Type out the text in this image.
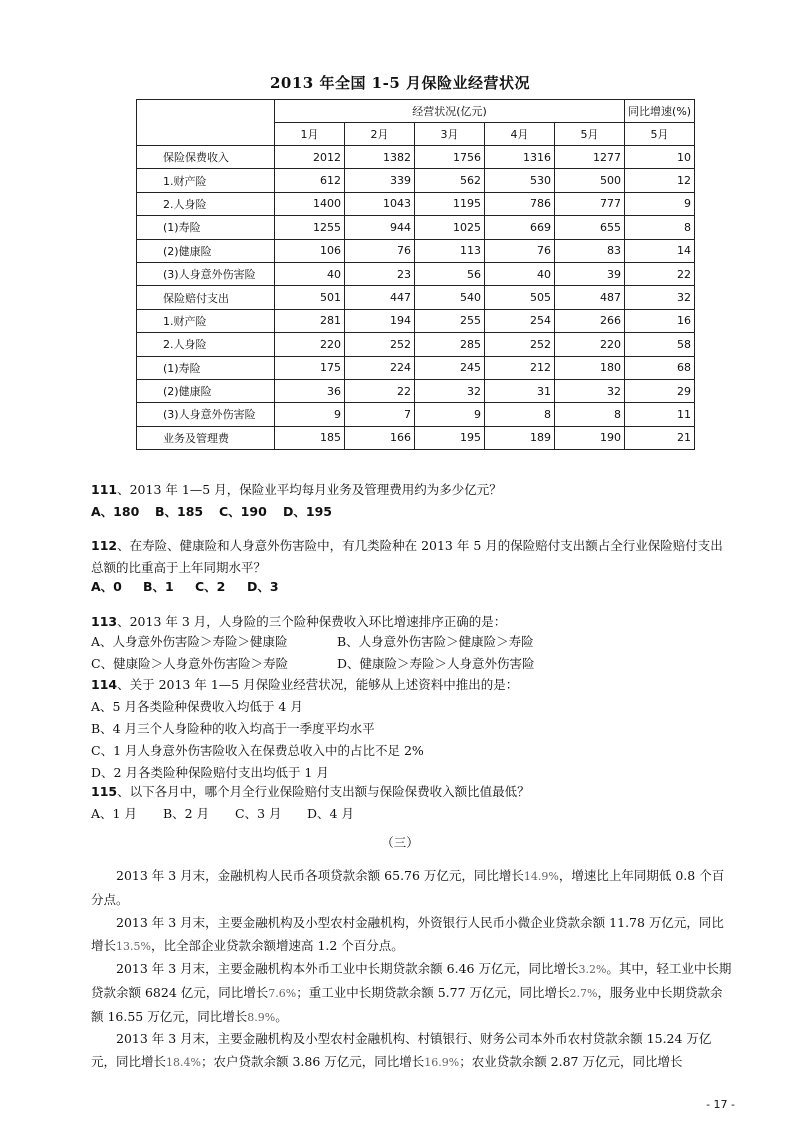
2013 年全国 1-5 月保险业经营状况
	经营状况(亿元)					同比增速(%)
	1月	2月	3月	4月	5月	5月
保险保费收入	2012	1382	1756	1316	1277	10
1.财产险	612	339	562	530	500	12
2.人身险	1400	1043	1195	786	777	9
(1)寿险	1255	944	1025	669	655	8
(2)健康险	106	76	113	76	83	14
(3)人身意外伤害险	40	23	56	40	39	22
保险赔付支出	501	447	540	505	487	32
1.财产险	281	194	255	254	266	16
2.人身险	220	252	285	252	220	58
(1)寿险	175	224	245	212	180	68
(2)健康险	36	22	32	31	32	29
(3)人身意外伤害险	9	7	9	8	8	11
业务及管理费	185	166	195	189	190	21
111、2013 年 1—5 月，保险业平均每月业务及管理费用约为多少亿元？
A、180 B、185 C、190 D、195
112、在寿险、健康险和人身意外伤害险中，有几类险种在 2013 年 5 月的保险赔付支出额占全行业保险赔付支出总额的比重高于上年同期水平？
A、0 B、1 C、2 D、3
113、2013 年 3 月，人身险的三个险种保费收入环比增速排序正确的是：
A、人身意外伤害险＞寿险＞健康险	B、人身意外伤害险＞健康险＞寿险
C、健康险＞人身意外伤害险＞寿险	D、健康险＞寿险＞人身意外伤害险
114、关于 2013 年 1—5 月保险业经营状况，能够从上述资料中推出的是：
A、5 月各类险种保费收入均低于 4 月
B、4 月三个人身险种的收入均高于一季度平均水平
C、1 月人身意外伤害险收入在保费总收入中的占比不足 2%
D、2 月各类险种保险赔付支出均低于 1 月
115、以下各月中，哪个月全行业保险赔付支出额与保险保费收入额比值最低？
A、1 月 B、2 月 C、3 月 D、4 月
（三）
2013 年 3 月末，金融机构人民币各项贷款余额 65.76 万亿元，同比增长14.9%，增速比上年同期低 0.8 个百分点。
2013 年 3 月末，主要金融机构及小型农村金融机构，外资银行人民币小微企业贷款余额 11.78 万亿元，同比增长13.5%，比全部企业贷款余额增速高 1.2 个百分点。
2013 年 3 月末，主要金融机构本外币工业中长期贷款余额 6.46 万亿元，同比增长3.2%。其中，轻工业中长期贷款余额 6824 亿元，同比增长7.6%；重工业中长期贷款余额 5.77 万亿元，同比增长2.7%，服务业中长期贷款余额 16.55 万亿元，同比增长8.9%。
2013 年 3 月末，主要金融机构及小型农村金融机构、村镇银行、财务公司本外币农村贷款余额 15.24 万亿元，同比增长18.4%；农户贷款余额 3.86 万亿元，同比增长16.9%；农业贷款余额 2.87 万亿元，同比增长
- 17 -
